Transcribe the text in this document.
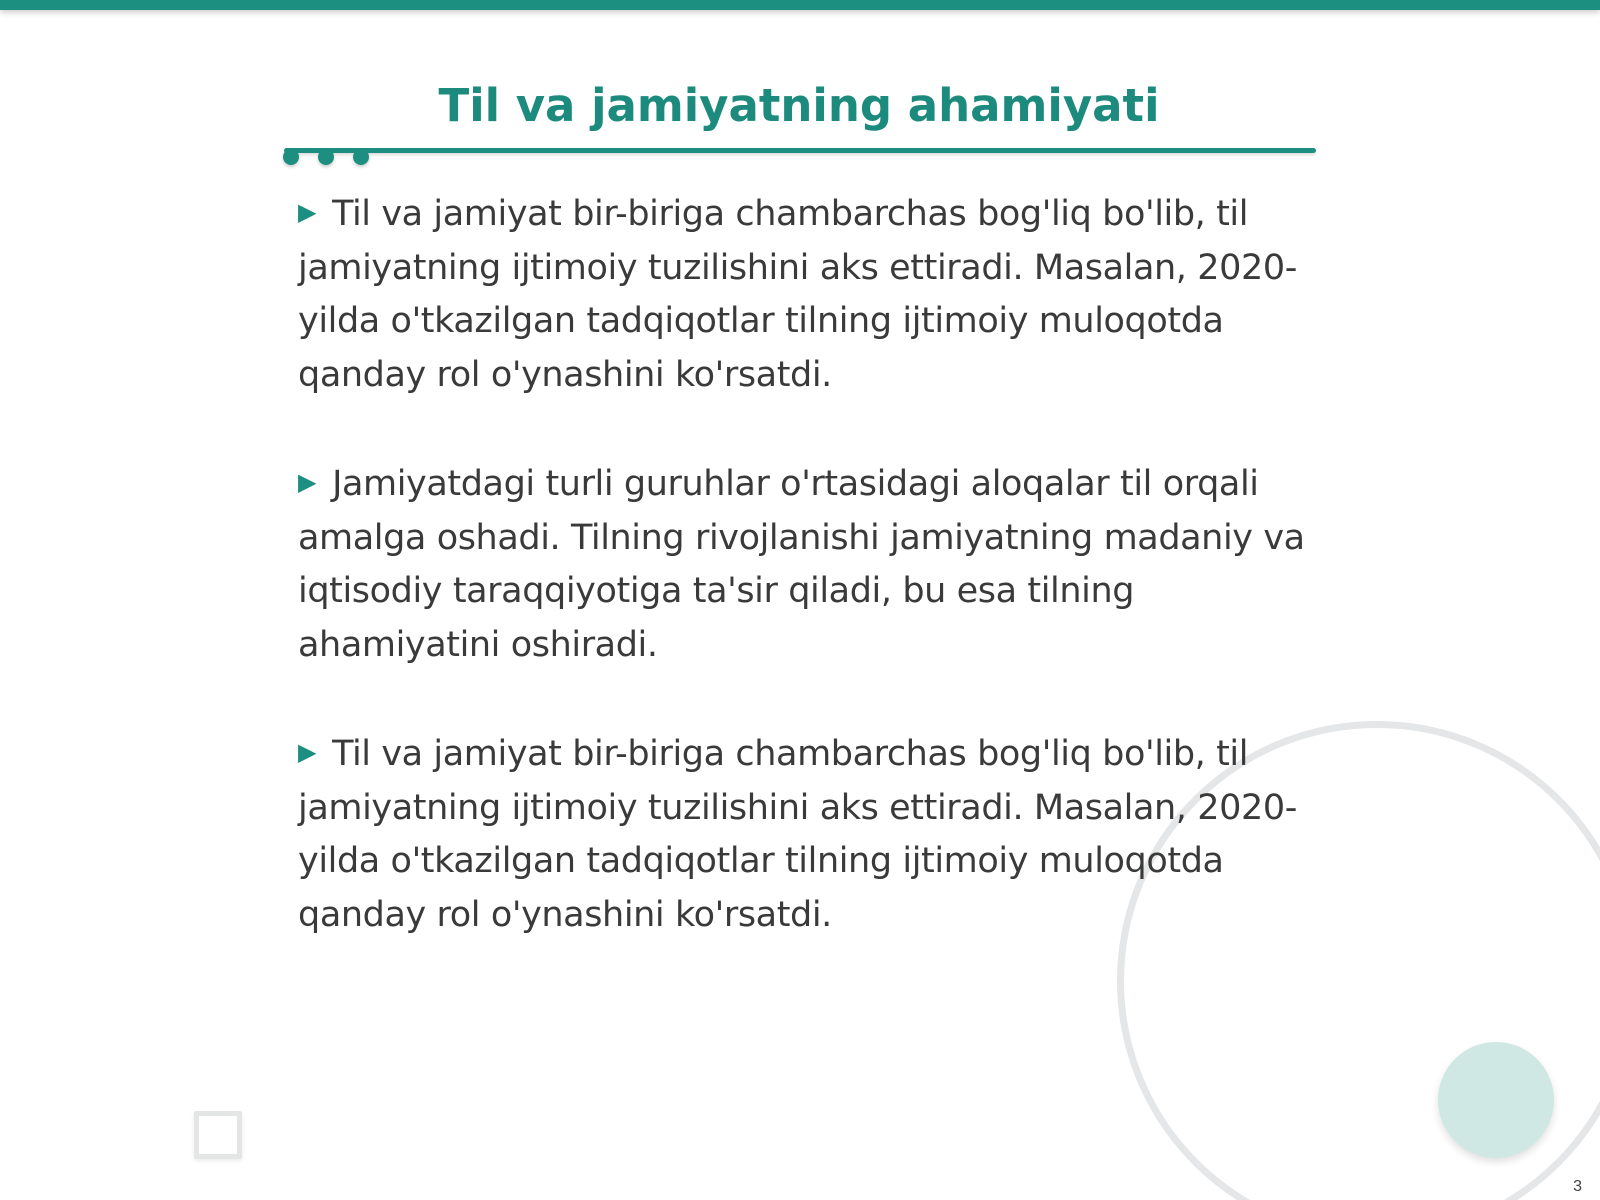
Til va jamiyatning ahamiyati

▶ Til va jamiyat bir-biriga chambarchas bog'liq bo'lib, til jamiyatning ijtimoiy tuzilishini aks ettiradi. Masalan, 2020-yilda o'tkazilgan tadqiqotlar tilning ijtimoiy muloqotda qanday rol o'ynashini ko'rsatdi.

▶ Jamiyatdagi turli guruhlar o'rtasidagi aloqalar til orqali amalga oshadi. Tilning rivojlanishi jamiyatning madaniy va iqtisodiy taraqqiyotiga ta'sir qiladi, bu esa tilning ahamiyatini oshiradi.

▶ Til va jamiyat bir-biriga chambarchas bog'liq bo'lib, til jamiyatning ijtimoiy tuzilishini aks ettiradi. Masalan, 2020-yilda o'tkazilgan tadqiqotlar tilning ijtimoiy muloqotda qanday rol o'ynashini ko'rsatdi.

3
